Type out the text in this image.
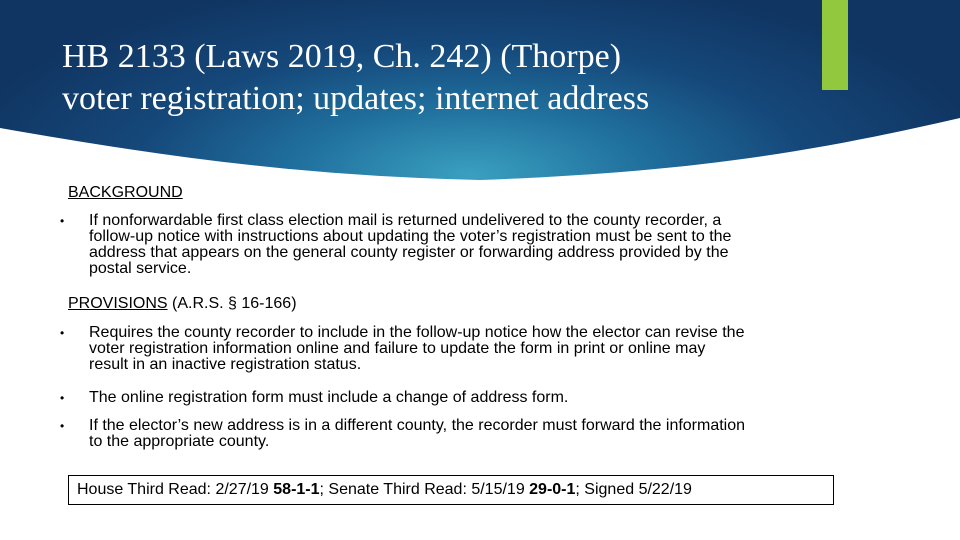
HB 2133 (Laws 2019, Ch. 242) (Thorpe)
voter registration; updates; internet address
BACKGROUND
• If nonforwardable first class election mail is returned undelivered to the county recorder, a
follow-up notice with instructions about updating the voter’s registration must be sent to the
address that appears on the general county register or forwarding address provided by the
postal service.
PROVISIONS (A.R.S. § 16-166)
• Requires the county recorder to include in the follow-up notice how the elector can revise the
voter registration information online and failure to update the form in print or online may
result in an inactive registration status.
• The online registration form must include a change of address form.
• If the elector’s new address is in a different county, the recorder must forward the information
to the appropriate county.
House Third Read: 2/27/19 58-1-1; Senate Third Read: 5/15/19 29-0-1; Signed 5/22/19
